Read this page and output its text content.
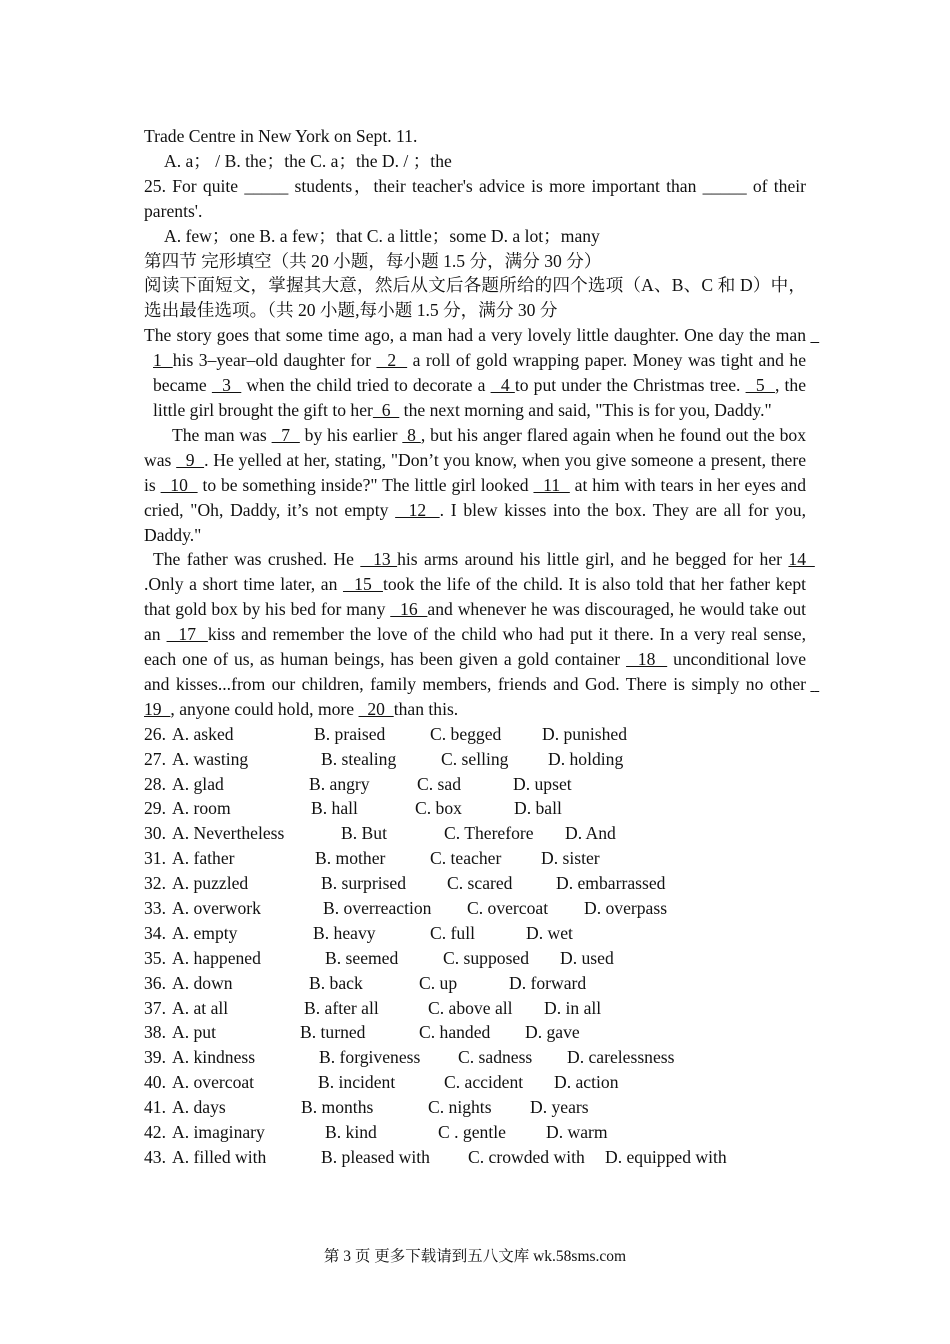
Trade Centre in New York on Sept. 11.
A. a； / B. the；the C. a；the D. / ；the
25. For quite _____ students，their teacher's advice is more important than _____ of their parents'.
A. few；one B. a few；that C. a little；some D. a lot；many
第四节 完形填空（共 20 小题，每小题 1.5 分，满分 30 分）
阅读下面短文，掌握其大意，然后从文后各题所给的四个选项（A、B、C 和 D）中，选出最佳选项。（共 20 小题,每小题 1.5 分，满分 30 分
The story goes that some time ago, a man had a very lovely little daughter. One day the man   1  his 3–year–old daughter for   2   a roll of gold wrapping paper. Money was tight and he became   3   when the child tried to decorate a   4 to put under the Christmas tree.   5  , the little girl brought the gift to her  6   the next morning and said, "This is for you, Daddy."
The man was   7   by his earlier  8 , but his anger flared again when he found out the box was   9  . He yelled at her, stating, "Don’t you know, when you give someone a present, there is   10   to be something inside?" The little girl looked   11   at him with tears in her eyes and cried, "Oh, Daddy, it’s not empty   12  . I blew kisses into the box. They are all for you, Daddy."
The father was crushed. He   13 his arms around his little girl, and he begged for her 14  .Only a short time later, an   15  took the life of the child. It is also told that her father kept that gold box by his bed for many   16  and whenever he was discouraged, he would take out an   17  kiss and remember the love of the child who had put it there. In a very real sense, each one of us, as human beings, has been given a gold container   18   unconditional love and kisses...from our children, family members, friends and God. There is simply no other   19  , anyone could hold, more   20  than this.
26. A. asked	B. praised	C. begged D. punished
27. A. wasting	B. stealing	C. selling D. holding
28. A. glad	B. angry	C. sad	D. upset
29. A. room	B. hall	C. box	D. ball
30. A. Nevertheless	B. But	C. Therefore D. And
31. A. father	B. mother	C. teacher D. sister
32. A. puzzled	B. surprised C. scared D. embarrassed
33. A. overwork	B. overreaction C. overcoat D. overpass
34. A. empty	B. heavy	C. full	D. wet
35. A. happened	B. seemed	C. supposed D. used
36. A. down	B. back	C. up	D. forward
37. A. at all	B. after all	C. above all D. in all
38. A. put	B. turned	C. handed D. gave
39. A. kindness	B. forgiveness C. sadness D. carelessness
40. A. overcoat	B. incident	C. accident D. action
41. A. days	B. months	C. nights D. years
42. A. imaginary	B. kind	C . gentle D. warm
43. A. filled with	B. pleased with C. crowded with D. equipped with
第 3 页 更多下载请到五八文库 wk.58sms.com
